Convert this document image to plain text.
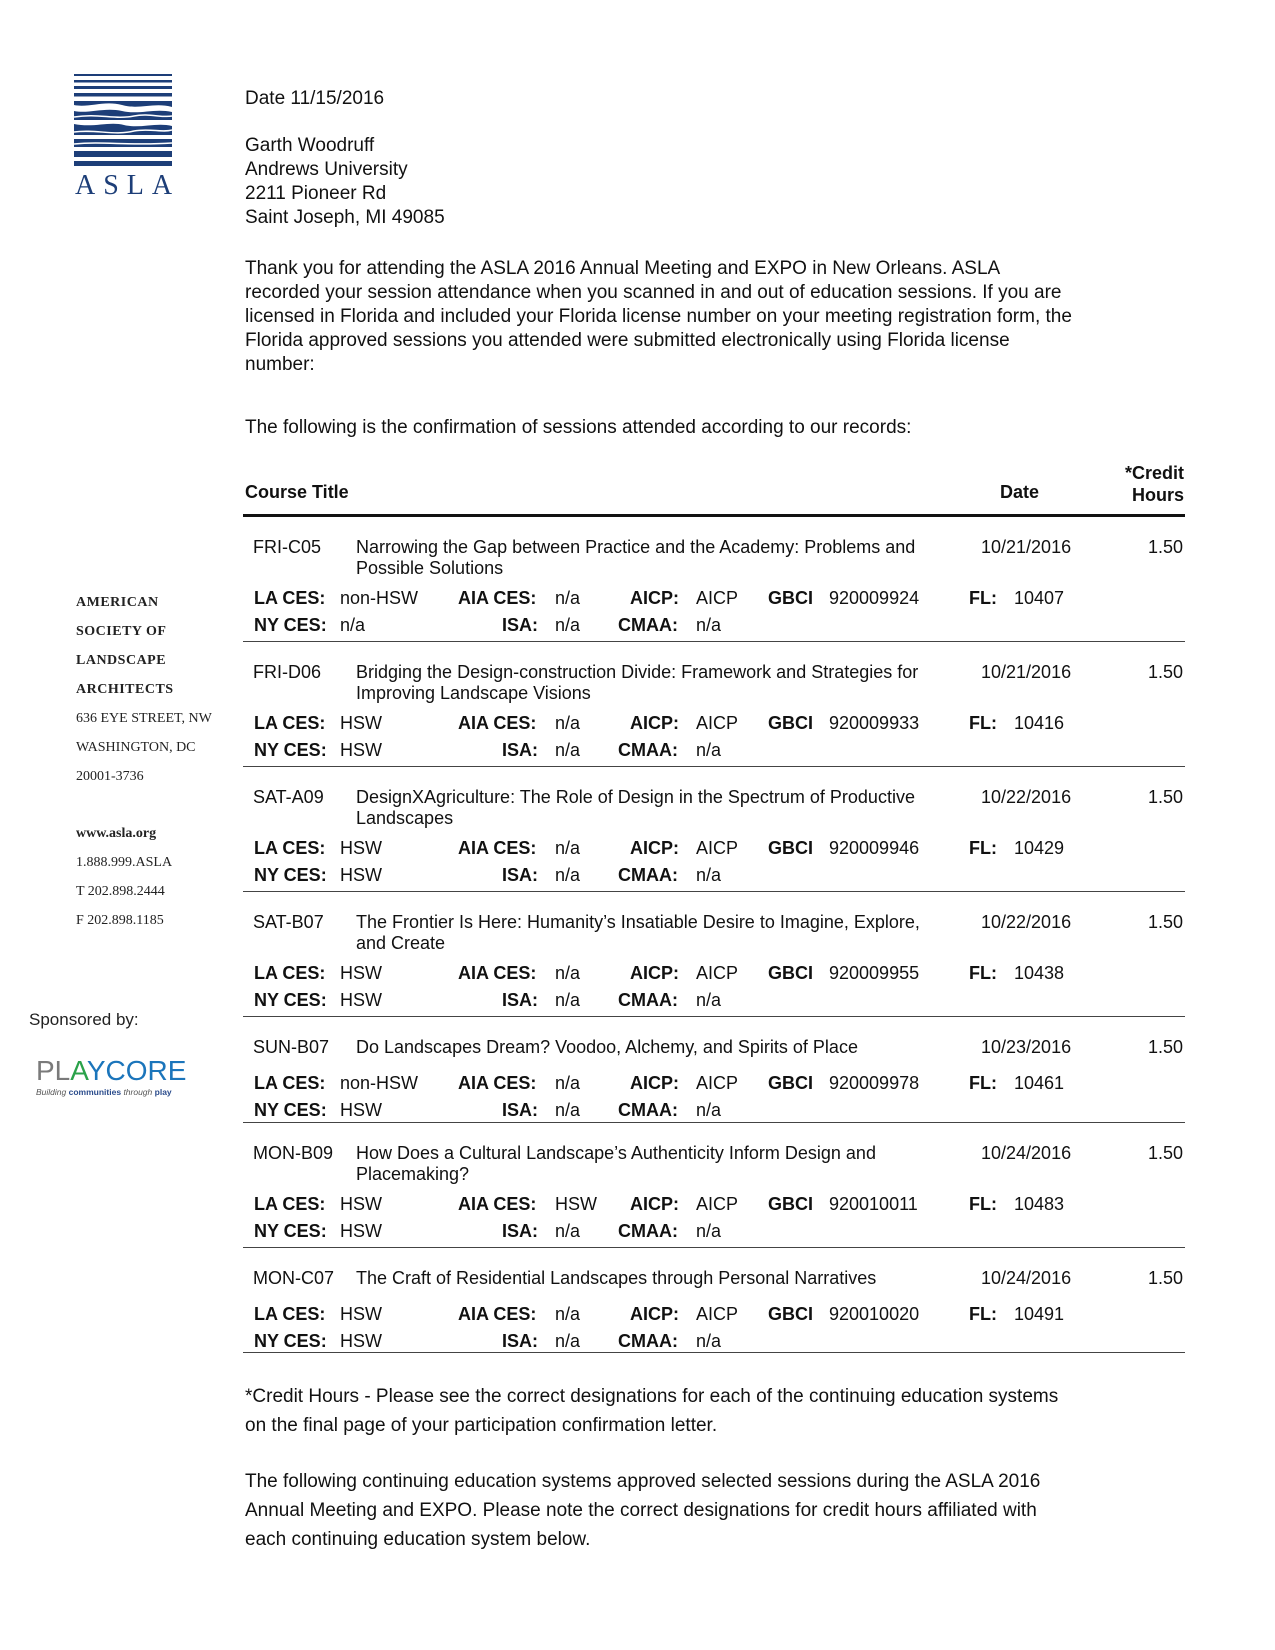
ASLA
AMERICAN
SOCIETY OF
LANDSCAPE
ARCHITECTS
636 EYE STREET, NW
WASHINGTON, DC
20001-3736
www.asla.org
1.888.999.ASLA
T 202.898.2444
F 202.898.1185
Sponsored by:
PLAYCORE
Building communities through play
Date 11/15/2016
Garth Woodruff
Andrews University
2211 Pioneer Rd
Saint Joseph, MI 49085
Thank you for attending the ASLA 2016 Annual Meeting and EXPO in New Orleans. ASLA
recorded your session attendance when you scanned in and out of education sessions. If you are
licensed in Florida and included your Florida license number on your meeting registration form, the
Florida approved sessions you attended were submitted electronically using Florida license
number:
The following is the confirmation of sessions attended according to our records:
Course Title	Date
*Credit
Hours
FRI-C05 Narrowing the Gap between Practice and the Academy: Problems and Possible Solutions
10/21/2016	1.50
LA CES: non-HSW AIA CES: n/a	AICP: AICP GBCI 920009924	FL: 10407
NY CES: n/a	ISA: n/a CMAA: n/a
FRI-D06 Bridging the Design-construction Divide: Framework and Strategies for Improving Landscape Visions
10/21/2016	1.50
LA CES: HSW	AIA CES: n/a	AICP: AICP GBCI 920009933	FL: 10416
NY CES: HSW	ISA: n/a CMAA: n/a
SAT-A09 DesignXAgriculture: The Role of Design in the Spectrum of Productive Landscapes
10/22/2016	1.50
LA CES: HSW	AIA CES: n/a	AICP: AICP GBCI 920009946	FL: 10429
NY CES: HSW	ISA: n/a CMAA: n/a
SAT-B07 The Frontier Is Here: Humanity’s Insatiable Desire to Imagine, Explore, and Create
10/22/2016	1.50
LA CES: HSW	AIA CES: n/a	AICP: AICP GBCI 920009955	FL: 10438
NY CES: HSW	ISA: n/a CMAA: n/a
SUN-B07 Do Landscapes Dream? Voodoo, Alchemy, and Spirits of Place	10/23/2016	1.50
LA CES: non-HSW AIA CES: n/a	AICP: AICP GBCI 920009978	FL: 10461
NY CES: HSW	ISA: n/a CMAA: n/a
MON-B09 How Does a Cultural Landscape’s Authenticity Inform Design and Placemaking?
10/24/2016	1.50
LA CES: HSW	AIA CES: HSW AICP: AICP GBCI 920010011	FL: 10483
NY CES: HSW	ISA: n/a CMAA: n/a
MON-C07 The Craft of Residential Landscapes through Personal Narratives	10/24/2016	1.50
LA CES: HSW	AIA CES: n/a	AICP: AICP GBCI 920010020	FL: 10491
NY CES: HSW	ISA: n/a CMAA: n/a
*Credit Hours - Please see the correct designations for each of the continuing education systems
on the final page of your participation confirmation letter.
The following continuing education systems approved selected sessions during the ASLA 2016
Annual Meeting and EXPO. Please note the correct designations for credit hours affiliated with
each continuing education system below.
